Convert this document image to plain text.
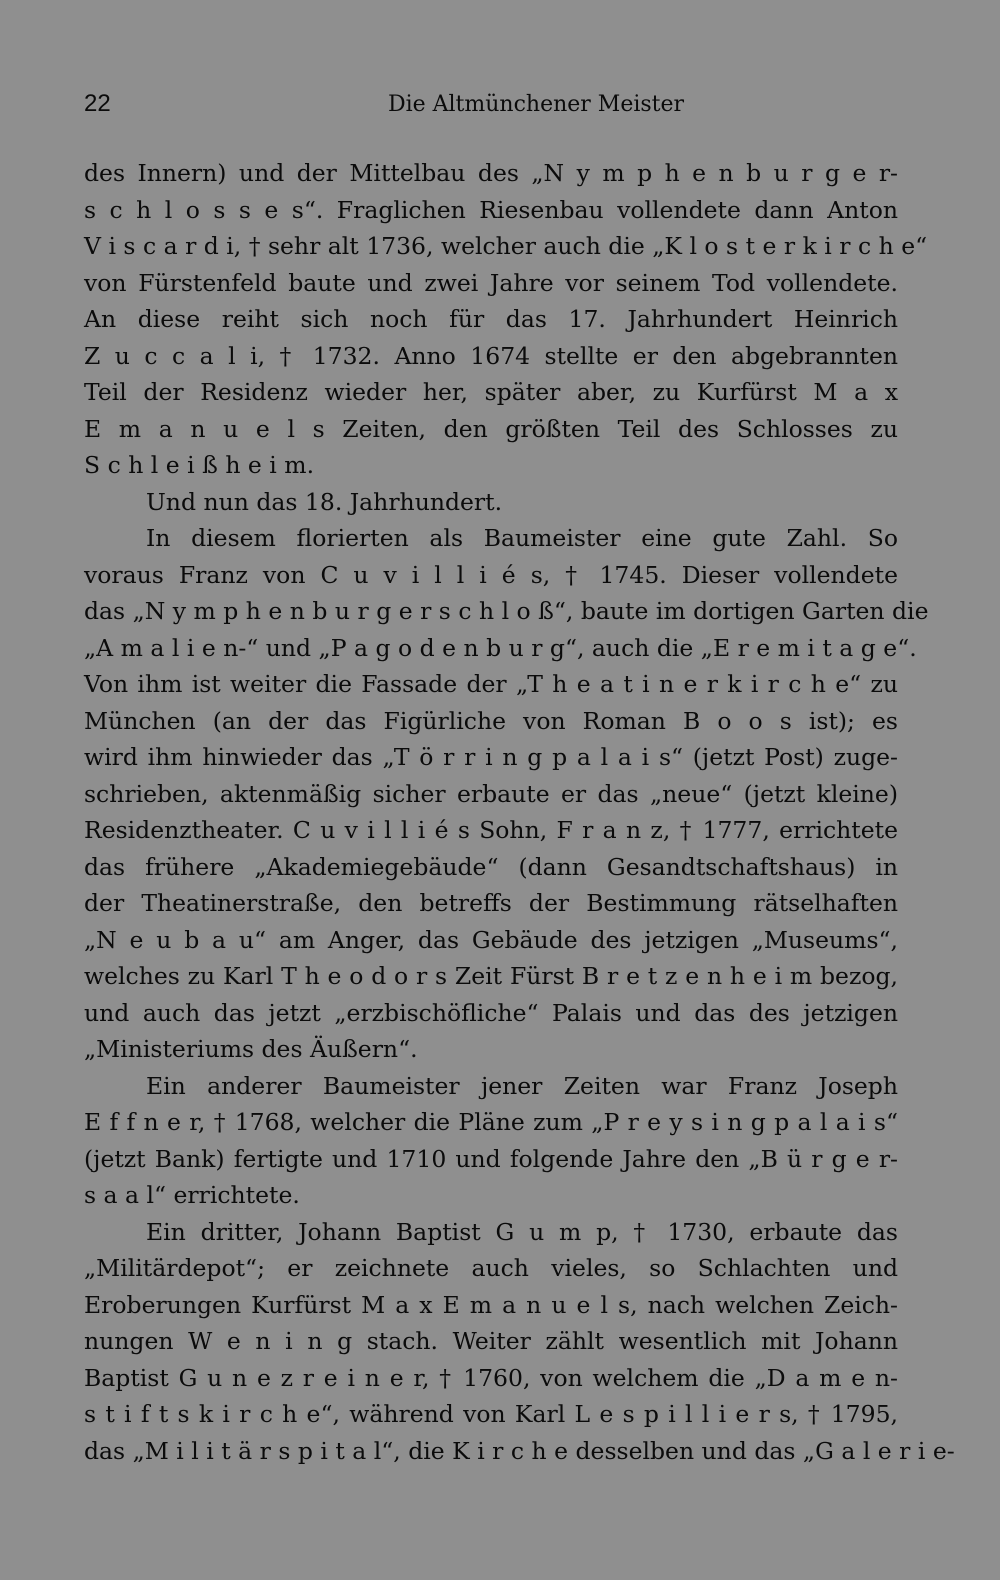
22	Die Altmünchener Meister
des Innern) und der Mittelbau des „N y m p h e n b u r g e r-
s c h l o s s e s“. Fraglichen Riesenbau vollendete dann Anton
V i s c a r d i, † sehr alt 1736, welcher auch die „K l o s t e r k i r c h e“
von Fürstenfeld baute und zwei Jahre vor seinem Tod vollendete.
An diese reiht sich noch für das 17. Jahrhundert Heinrich
Z u c c a l i, † 1732. Anno 1674 stellte er den abgebrannten
Teil der Residenz wieder her, später aber, zu Kurfürst M a x
E m a n u e l s Zeiten, den größten Teil des Schlosses zu
S c h l e i ß h e i m.
Und nun das 18. Jahrhundert.
In diesem florierten als Baumeister eine gute Zahl. So
voraus Franz von C u v i l l i é s, † 1745. Dieser vollendete
das „N y m p h e n b u r g e r s c h l o ß“, baute im dortigen Garten die
„A m a l i e n-“ und „P a g o d e n b u r g“, auch die „E r e m i t a g e“.
Von ihm ist weiter die Fassade der „T h e a t i n e r k i r c h e“ zu
München (an der das Figürliche von Roman B o o s ist); es
wird ihm hinwieder das „T ö r r i n g p a l a i s“ (jetzt Post) zuge-
schrieben, aktenmäßig sicher erbaute er das „neue“ (jetzt kleine)
Residenztheater. C u v i l l i é s Sohn, F r a n z, † 1777, errichtete
das frühere „Akademiegebäude“ (dann Gesandtschaftshaus) in
der Theatinerstraße, den betreffs der Bestimmung rätselhaften
„N e u b a u“ am Anger, das Gebäude des jetzigen „Museums“,
welches zu Karl T h e o d o r s Zeit Fürst B r e t z e n h e i m bezog,
und auch das jetzt „erzbischöfliche“ Palais und das des jetzigen
„Ministeriums des Äußern“.
Ein anderer Baumeister jener Zeiten war Franz Joseph
E f f n e r, † 1768, welcher die Pläne zum „P r e y s i n g p a l a i s“
(jetzt Bank) fertigte und 1710 und folgende Jahre den „B ü r g e r-
s a a l“ errichtete.
Ein dritter, Johann Baptist G u m p, † 1730, erbaute das
„Militärdepot“; er zeichnete auch vieles, so Schlachten und
Eroberungen Kurfürst M a x E m a n u e l s, nach welchen Zeich-
nungen W e n i n g stach. Weiter zählt wesentlich mit Johann
Baptist G u n e z r e i n e r, † 1760, von welchem die „D a m e n-
s t i f t s k i r c h e“, während von Karl L e s p i l l i e r s, † 1795,
das „M i l i t ä r s p i t a l“, die K i r c h e desselben und das „G a l e r i e-
